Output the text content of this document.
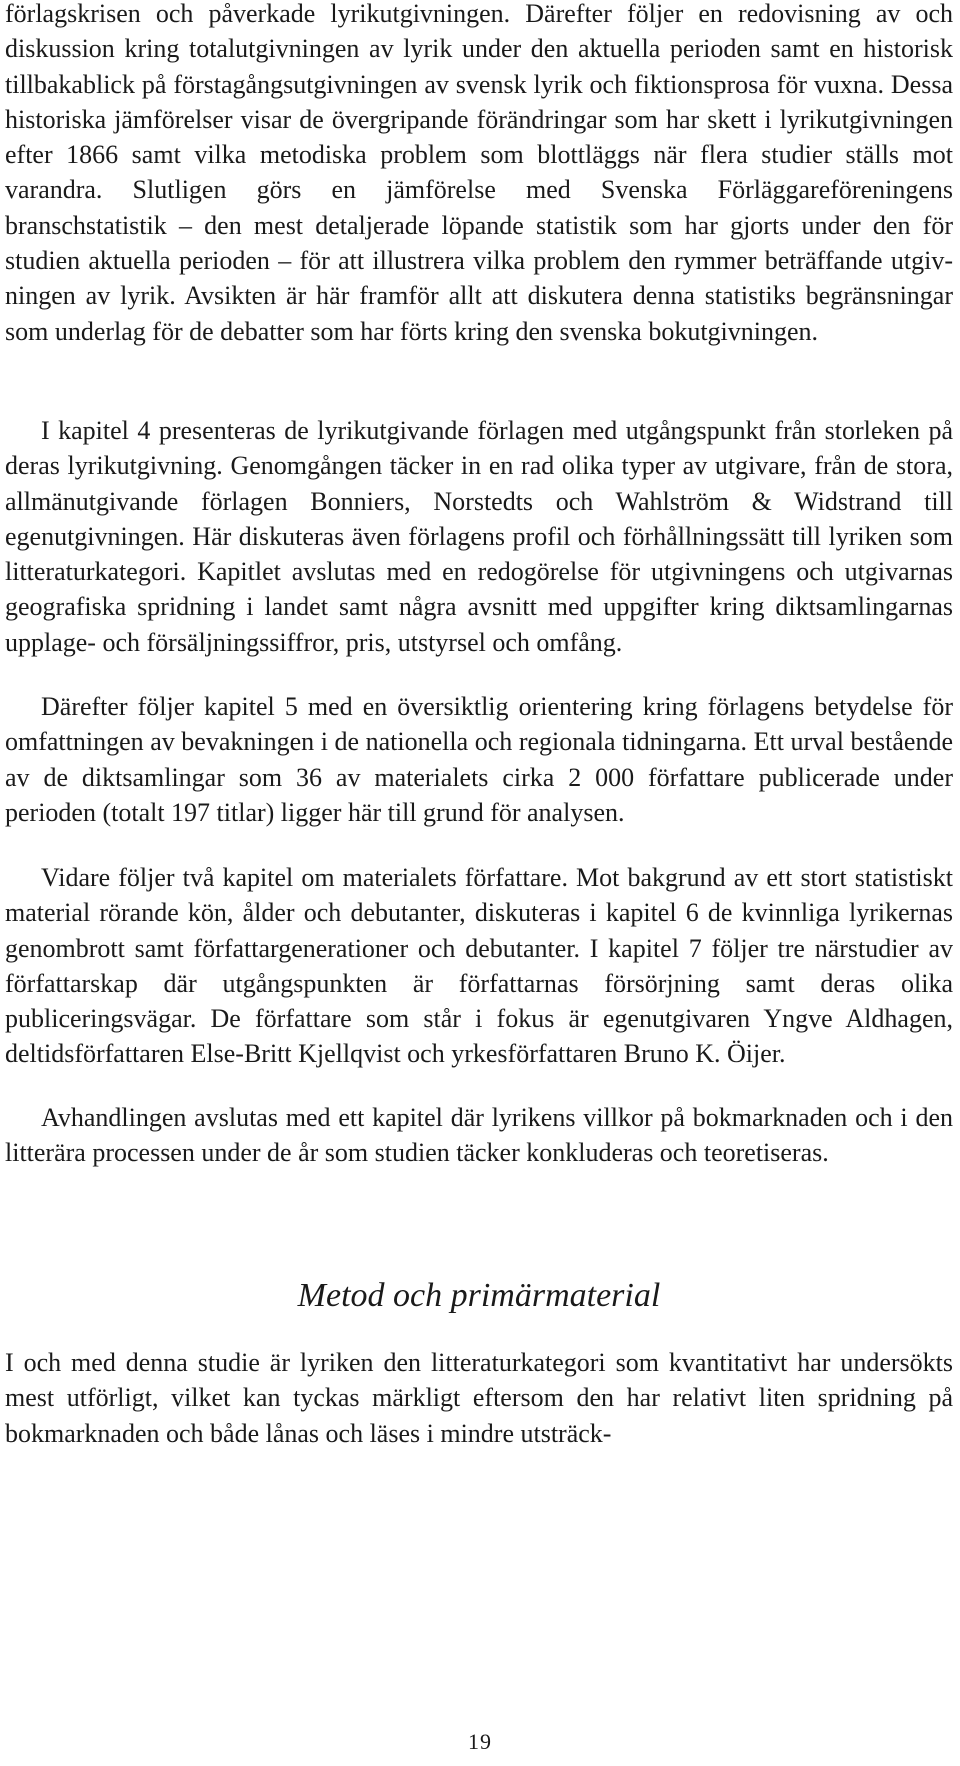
förlagskrisen och påverkade lyrikutgivningen. Därefter följer en redovisning av och diskussion kring totalutgivningen av lyrik under den aktuella perioden samt en historisk tillbakablick på förstagångsutgivningen av svensk lyrik och fiktionsprosa för vuxna. Dessa historiska jämförelser visar de övergripande förändringar som har skett i lyrikutgivningen efter 1866 samt vilka metodiska problem som blottläggs när flera studier ställs mot varandra. Slutligen görs en jämförelse med Svenska Förläggareföreningens branschstatistik – den mest detaljerade löpande statistik som har gjorts under den för studien aktuella perioden – för att illustrera vilka problem den rymmer beträffande utgivningen av lyrik. Avsikten är här framför allt att diskutera denna statistiks begränsningar som underlag för de debatter som har förts kring den svenska bokutgivningen.

I kapitel 4 presenteras de lyrikutgivande förlagen med utgångspunkt från storleken på deras lyrikutgivning. Genomgången täcker in en rad olika typer av utgivare, från de stora, allmänutgivande förlagen Bonniers, Norstedts och Wahlström & Widstrand till egenutgivningen. Här diskuteras även förlagens profil och förhållningssätt till lyriken som litteraturkategori. Kapitlet avslutas med en redogörelse för utgivningens och utgivarnas geografiska spridning i landet samt några avsnitt med uppgifter kring diktsamlingarnas upplage- och försäljningssiffror, pris, utstyrsel och omfång.

Därefter följer kapitel 5 med en översiktlig orientering kring förlagens betydelse för omfattningen av bevakningen i de nationella och regionala tidningarna. Ett urval bestående av de diktsamlingar som 36 av materialets cirka 2 000 författare publicerade under perioden (totalt 197 titlar) ligger här till grund för analysen.

Vidare följer två kapitel om materialets författare. Mot bakgrund av ett stort statistiskt material rörande kön, ålder och debutanter, diskuteras i kapitel 6 de kvinnliga lyrikernas genombrott samt författargenerationer och debutanter. I kapitel 7 följer tre närstudier av författarskap där utgångspunkten är författarnas försörjning samt deras olika publiceringsvägar. De författare som står i fokus är egenutgivaren Yngve Aldhagen, deltidsförfattaren Else-Britt Kjellqvist och yrkesförfattaren Bruno K. Öijer.

Avhandlingen avslutas med ett kapitel där lyrikens villkor på bokmarknaden och i den litterära processen under de år som studien täcker konkluderas och teoretiseras.

Metod och primärmaterial

I och med denna studie är lyriken den litteraturkategori som kvantitativt har undersökts mest utförligt, vilket kan tyckas märkligt eftersom den har relativt liten spridning på bokmarknaden och både lånas och läses i mindre utsträck-

19
